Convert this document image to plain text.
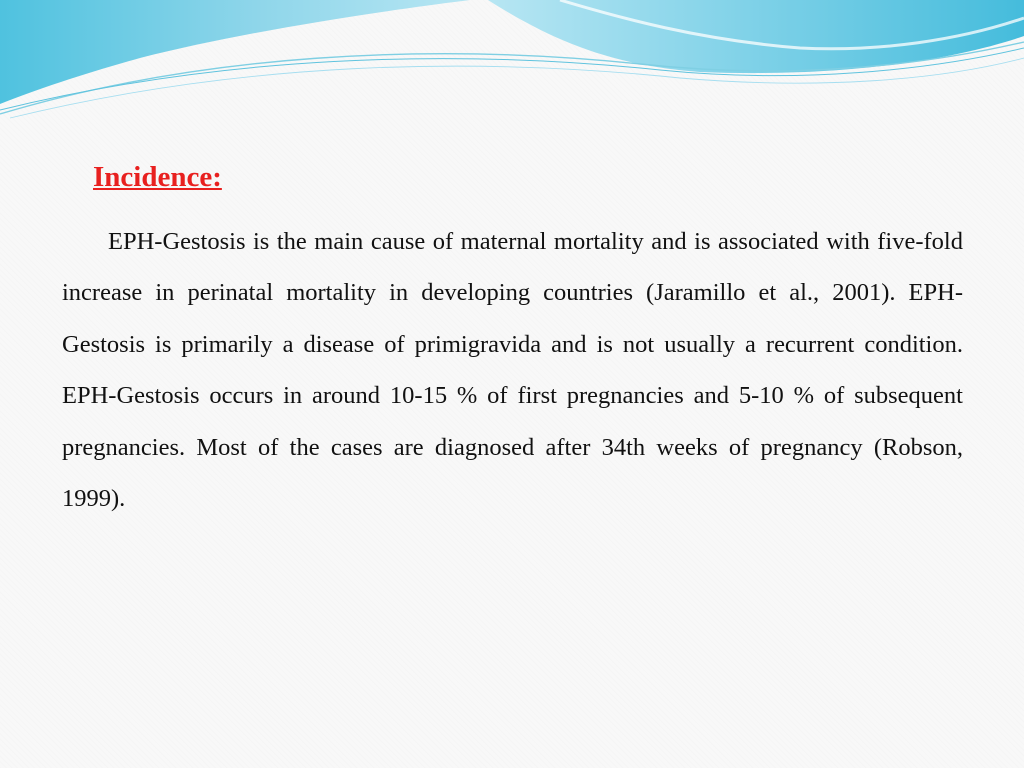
Incidence:

EPH-Gestosis is the main cause of maternal mortality and is associated with five-fold increase in perinatal mortality in developing countries (Jaramillo et al., 2001). EPH-Gestosis is primarily a disease of primigravida and is not usually a recurrent condition. EPH-Gestosis occurs in around 10-15 % of first pregnancies and 5-10 % of subsequent pregnancies. Most of the cases are diagnosed after 34th weeks of pregnancy (Robson, 1999).
